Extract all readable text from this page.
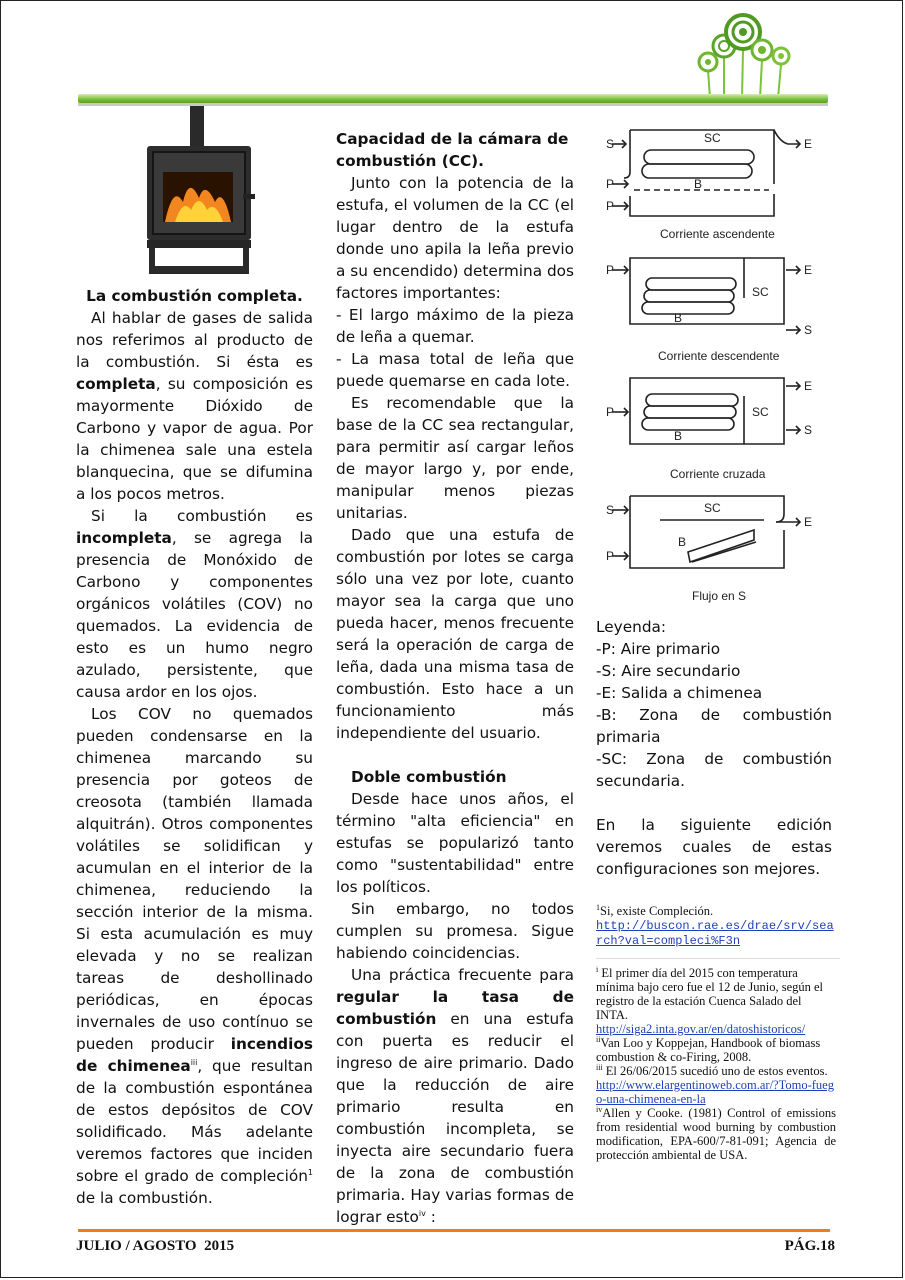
La combustión completa.

Al hablar de gases de salida nos referimos al producto de la combustión. Si ésta es completa, su composición es mayormente Dióxido de Carbono y vapor de agua. Por la chimenea sale una estela blanquecina, que se difumina a los pocos metros.

Si la combustión es incompleta, se agrega la presencia de Monóxido de Carbono y componentes orgánicos volátiles (COV) no quemados. La evidencia de esto es un humo negro azulado, persistente, que causa ardor en los ojos.

Los COV no quemados pueden condensarse en la chimenea marcando su presencia por goteos de creosota (también llamada alquitrán). Otros componentes volátiles se solidifican y acumulan en el interior de la chimenea, reduciendo la sección interior de la misma. Si esta acumulación es muy elevada y no se realizan tareas de deshollinado periódicas, en épocas invernales de uso contínuo se pueden producir incendios de chimenea$^{iii}$, que resultan de la combustión espontánea de estos depósitos de COV solidificado. Más adelante veremos factores que inciden sobre el grado de compleción$^1$ de la combustión.

Capacidad de la cámara de combustión (CC).

Junto con la potencia de la estufa, el volumen de la CC (el lugar dentro de la estufa donde uno apila la leña previo a su encendido) determina dos factores importantes:

- El largo máximo de la pieza de leña a quemar.

- La masa total de leña que puede quemarse en cada lote.

Es recomendable que la base de la CC sea rectangular, para permitir así cargar leños de mayor largo y, por ende, manipular menos piezas unitarias.

Dado que una estufa de combustión por lotes se carga sólo una vez por lote, cuanto mayor sea la carga que uno pueda hacer, menos frecuente será la operación de carga de leña, dada una misma tasa de combustión. Esto hace a un funcionamiento más independiente del usuario.

Doble combustión

Desde hace unos años, el término "alta eficiencia" en estufas se popularizó tanto como "sustentabilidad" entre los políticos.

Sin embargo, no todos cumplen su promesa. Sigue habiendo coincidencias.

Una práctica frecuente para regular la tasa de combustión en una estufa con puerta es reducir el ingreso de aire primario. Dado que la reducción de aire primario resulta en combustión incompleta, se inyecta aire secundario fuera de la zona de combustión primaria. Hay varias formas de lograr esto$^{iv}$ :

S	SC	E
P	B
P
Corriente ascendente
P	E
SC
B
S
Corriente descendente
P
E
SC
B	S
Corriente cruzada
S	SC
E
B
P
Flujo en S

Leyenda:

-P: Aire primario

-S: Aire secundario

-E: Salida a chimenea

-B: Zona de combustión primaria

-SC: Zona de combustión secundaria.

En la siguiente edición veremos cuales de estas configuraciones son mejores.

$^1$Si, existe Compleción.
http://buscon.rae.es/drae/srv/search?val=compleci%F3n
$^i$ El primer día del 2015 con temperatura mínima bajo cero fue el 12 de Junio, según el registro de la estación Cuenca Salado del INTA.
http://siga2.inta.gov.ar/en/datoshistoricos/
$^{ii}$Van Loo y Koppejan, Handbook of biomass combustion & co-Firing, 2008.
$^{iii}$ El 26/06/2015 sucedió uno de estos eventos.
http://www.elargentinoweb.com.ar/?Tomo-fuego-una-chimenea-en-la
$^{iv}$Allen y Cooke. (1981) Control of emissions from residential wood burning by combustion modification, EPA-600/7-81-091; Agencia de protección ambiental de USA.
JULIO / AGOSTO  2015	PÁG.18
